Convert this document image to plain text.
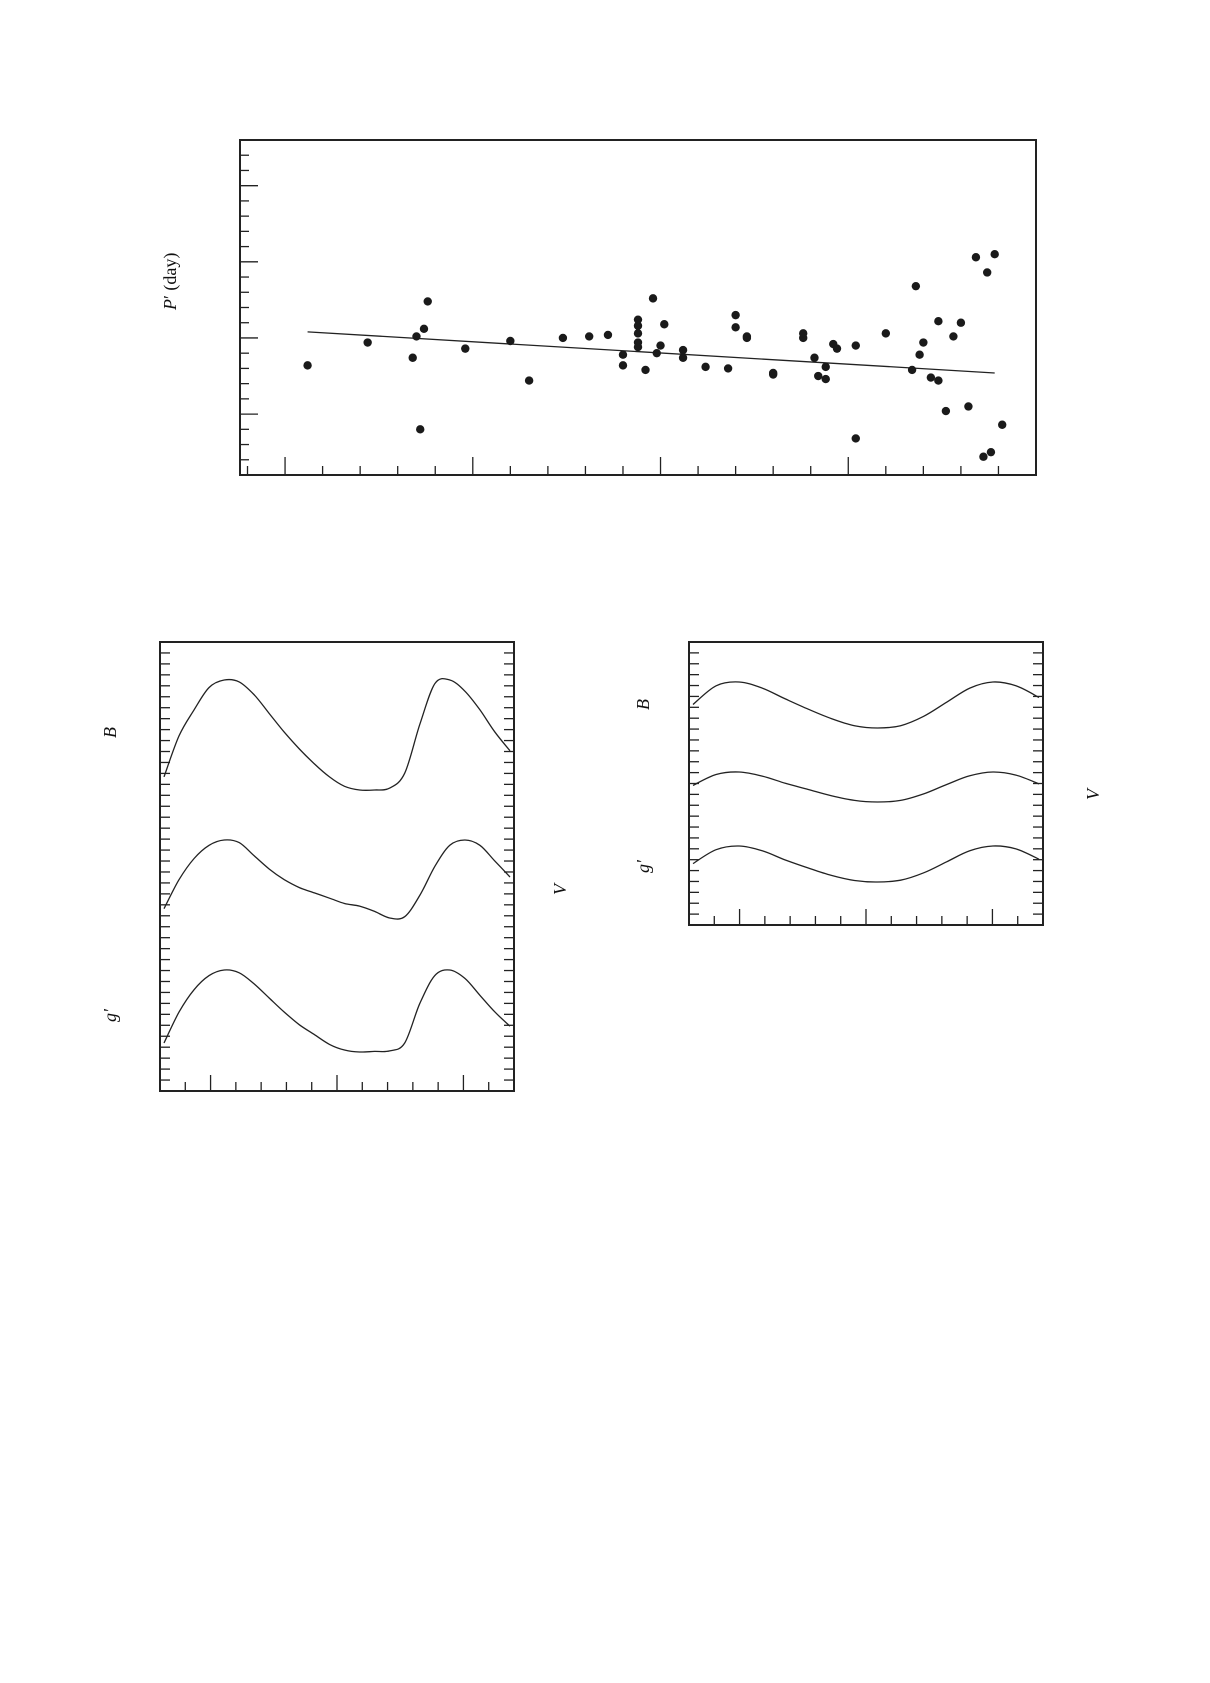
P′ (day)
B
V
g'
B
V
g'
